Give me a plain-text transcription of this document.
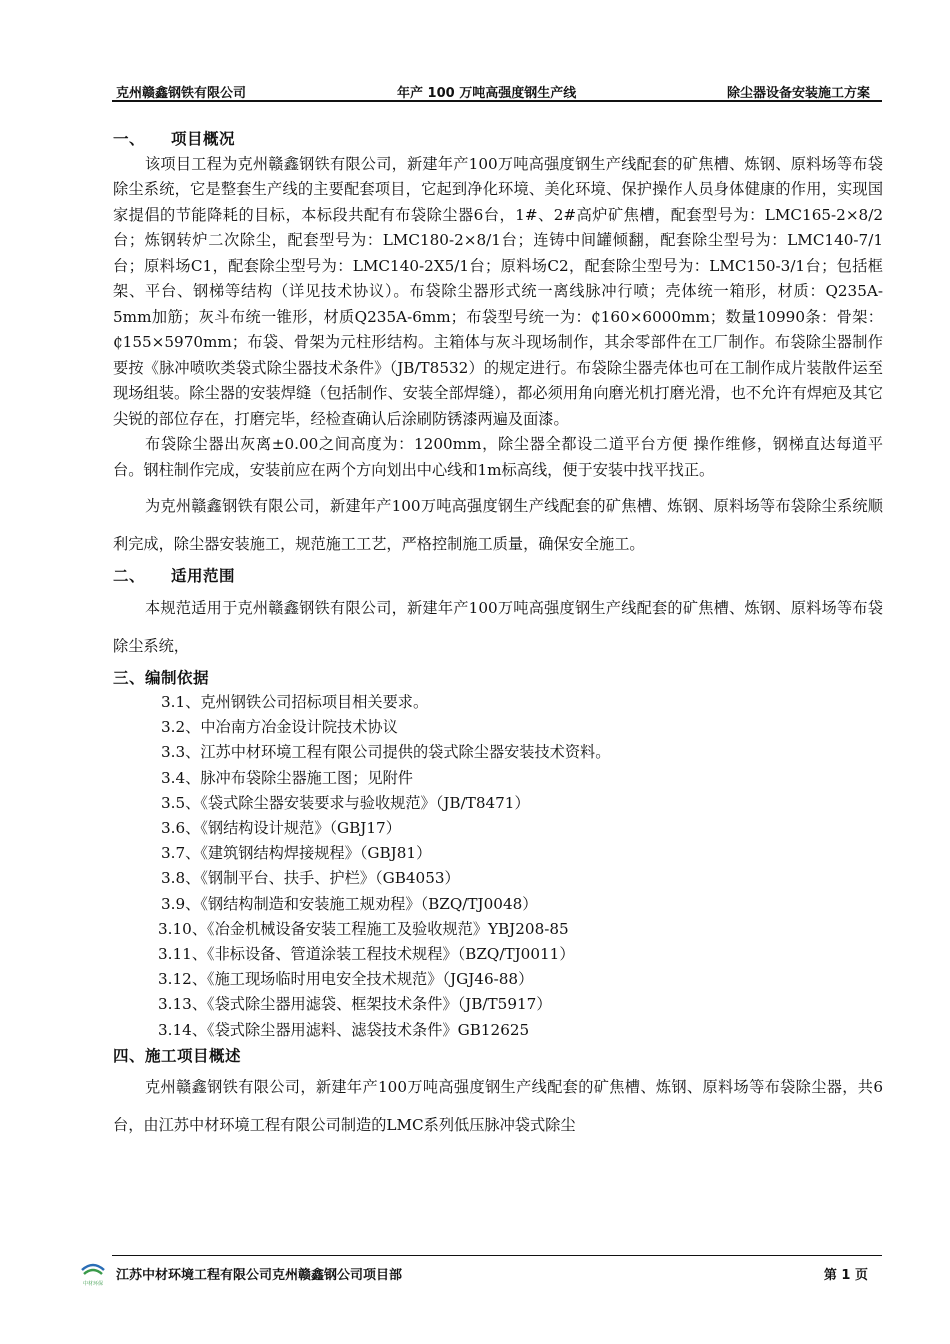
克州赣鑫钢铁有限公司	年产 100 万吨高强度钢生产线	除尘器设备安装施工方案
一、 项目概况

该项目工程为克州赣鑫钢铁有限公司，新建年产100万吨高强度钢生产线配套的矿焦槽、炼钢、原料场等布袋除尘系统，它是整套生产线的主要配套项目，它起到净化环境、美化环境、保护操作人员身体健康的作用，实现国家提倡的节能降耗的目标，本标段共配有布袋除尘器6台，1#、2#高炉矿焦槽，配套型号为：LMC165-2×8/2台；炼钢转炉二次除尘，配套型号为：LMC180-2×8/1台；连铸中间罐倾翻，配套除尘型号为：LMC140-7/1台；原料场C1，配套除尘型号为：LMC140-2X5/1台；原料场C2，配套除尘型号为：LMC150-3/1台；包括框架、平台、钢梯等结构（详见技术协议）。布袋除尘器形式统一离线脉冲行喷；壳体统一箱形，材质：Q235A-5mm加筋；灰斗布统一锥形，材质Q235A-6mm；布袋型号统一为：₵160×6000mm；数量10990条：骨架：₵155×5970mm；布袋、骨架为元柱形结构。主箱体与灰斗现场制作，其余零部件在工厂制作。布袋除尘器制作要按《脉冲喷吹类袋式除尘器技术条件》（JB/T8532）的规定进行。布袋除尘器壳体也可在工制作成片装散件运至现场组装。除尘器的安装焊缝（包括制作、安装全部焊缝），都必须用角向磨光机打磨光滑，也不允许有焊疤及其它尖锐的部位存在，打磨完毕，经检查确认后涂刷防锈漆两遍及面漆。

布袋除尘器出灰离±0.00之间高度为：1200mm，除尘器全都设二道平台方便 操作维修，钢梯直达每道平台。钢柱制作完成，安装前应在两个方向划出中心线和1m标高线，便于安装中找平找正。

为克州赣鑫钢铁有限公司，新建年产100万吨高强度钢生产线配套的矿焦槽、炼钢、原料场等布袋除尘系统顺利完成，除尘器安装施工，规范施工工艺，严格控制施工质量，确保安全施工。

二、 适用范围

本规范适用于克州赣鑫钢铁有限公司，新建年产100万吨高强度钢生产线配套的矿焦槽、炼钢、原料场等布袋除尘系统，

三、编制依据
3.1、克州钢铁公司招标项目相关要求。
3.2、中冶南方冶金设计院技术协议
3.3、江苏中材环境工程有限公司提供的袋式除尘器安装技术资料。
3.4、脉冲布袋除尘器施工图；见附件
3.5、《袋式除尘器安装要求与验收规范》（JB/T8471）
3.6、《钢结构设计规范》（GBJ17）
3.7、《建筑钢结构焊接规程》（GBJ81）
3.8、《钢制平台、扶手、护栏》（GB4053）
3.9、《钢结构制造和安装施工规劝程》（BZQ/TJ0048）
3.10、《冶金机械设备安装工程施工及验收规范》YBJ208-85
3.11、《非标设备、管道涂装工程技术规程》（BZQ/TJ0011）
3.12、《施工现场临时用电安全技术规范》（JGJ46-88）
3.13、《袋式除尘器用滤袋、框架技术条件》（JB/T5917）
3.14、《袋式除尘器用滤料、滤袋技术条件》GB12625
四、施工项目概述

克州赣鑫钢铁有限公司，新建年产100万吨高强度钢生产线配套的矿焦槽、炼钢、原料场等布袋除尘器，共6台，由江苏中材环境工程有限公司制造的LMC系列低压脉冲袋式除尘

中材环保
江苏中材环境工程有限公司克州赣鑫钢公司项目部	第 1 页
